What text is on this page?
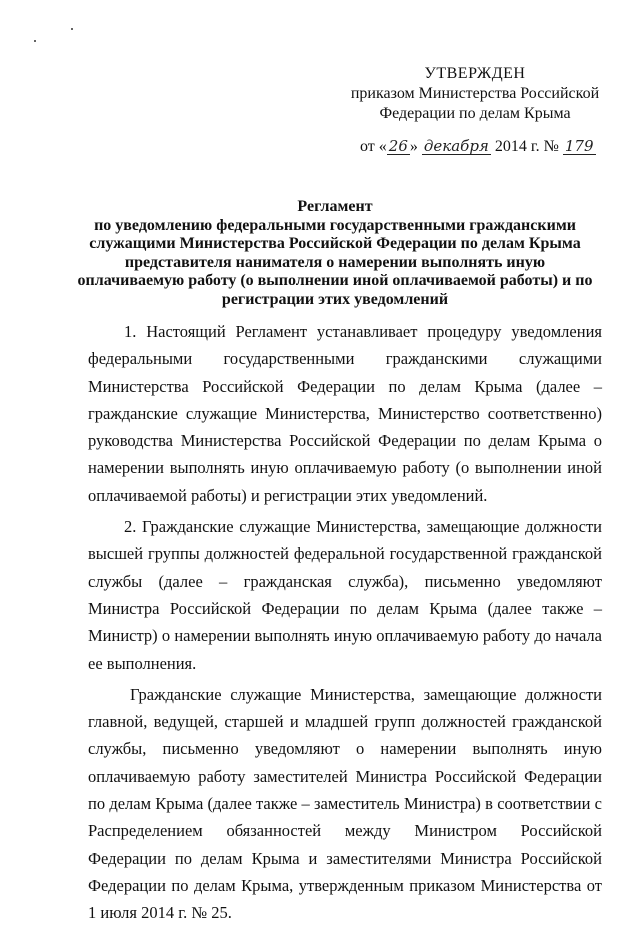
УТВЕРЖДЕН
приказом Министерства Российской
Федерации по делам Крыма
от « 26 » декабря 2014 г. № 179
Регламент
по уведомлению федеральными государственными гражданскими служащими Министерства Российской Федерации по делам Крыма представителя нанимателя о намерении выполнять иную оплачиваемую работу (о выполнении иной оплачиваемой работы) и по регистрации этих уведомлений

1. Настоящий Регламент устанавливает процедуру уведомления федеральными государственными гражданскими служащими Министерства Российской Федерации по делам Крыма (далее – гражданские служащие Министерства, Министерство соответственно) руководства Министерства Российской Федерации по делам Крыма о намерении выполнять иную оплачиваемую работу (о выполнении иной оплачиваемой работы) и регистрации этих уведомлений.

2. Гражданские служащие Министерства, замещающие должности высшей группы должностей федеральной государственной гражданской службы (далее – гражданская служба), письменно уведомляют Министра Российской Федерации по делам Крыма (далее также – Министр) о намерении выполнять иную оплачиваемую работу до начала ее выполнения.

Гражданские служащие Министерства, замещающие должности главной, ведущей, старшей и младшей групп должностей гражданской службы, письменно уведомляют о намерении выполнять иную оплачиваемую работу заместителей Министра Российской Федерации по делам Крыма (далее также – заместитель Министра) в соответствии с Распределением обязанностей между Министром Российской Федерации по делам Крыма и заместителями Министра Российской Федерации по делам Крыма, утвержденным приказом Министерства от 1 июля 2014 г. № 25.
